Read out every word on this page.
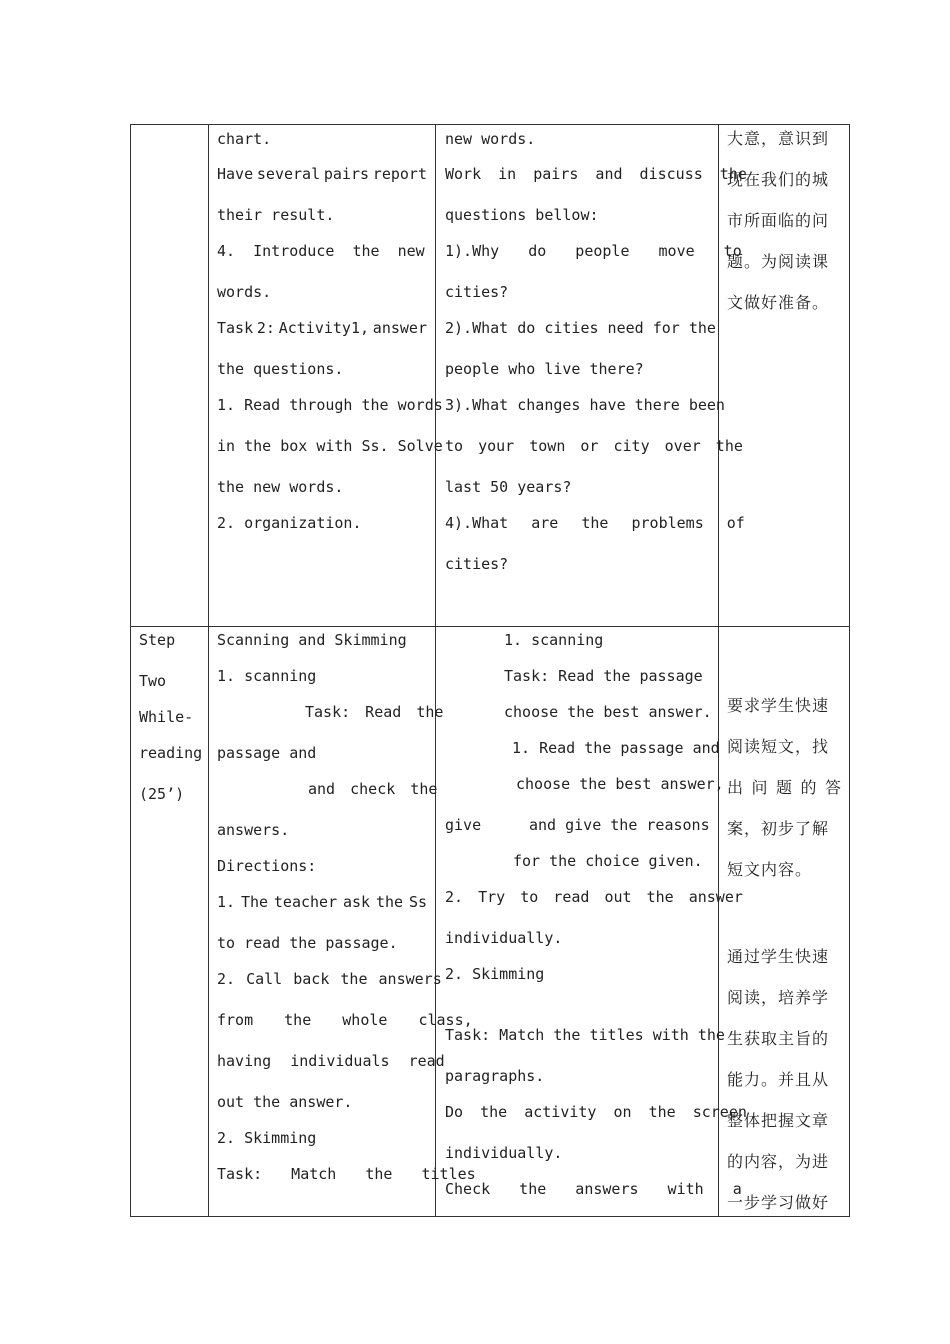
chart.
Have several pairs report
their result.
4.  Introduce  the  new
words.
Task 2: Activity1, answer
the questions.
1. Read through the words
in the box with Ss. Solve
the new words.
2. organization.
new words.
Work in pairs and discuss the
questions bellow:
1).Why do people move to
cities?
2).What do cities need for the
people who live there?
3).What changes have there been
to your town or city over the
last 50 years?
4).What are the problems of
cities?
大意，意识到
现在我们的城
市所面临的问
题。为阅读课
文做好准备。
Step
Two
While-
reading
(25’)
Scanning and Skimming
1. scanning
Task: Read the
passage and
and check the
answers.
Directions:
1. The teacher ask the Ss
to read the passage.
2. Call back the answers
from the whole class,
having individuals read
out the answer.
2. Skimming
Task: Match the titles
1. scanning
Task: Read the passage
choose the best answer.
1. Read the passage and
choose the best answer,
give	and give the reasons
for the choice given.
2. Try to read out the answer
individually.
2. Skimming
Task: Match the titles with the
paragraphs.
Do the activity on the screen
individually.
Check the answers with a
要求学生快速
阅读短文，找
出 问 题 的 答
案，初步了解
短文内容。
通过学生快速
阅读，培养学
生获取主旨的
能力。并且从
整体把握文章
的内容，为进
一步学习做好
